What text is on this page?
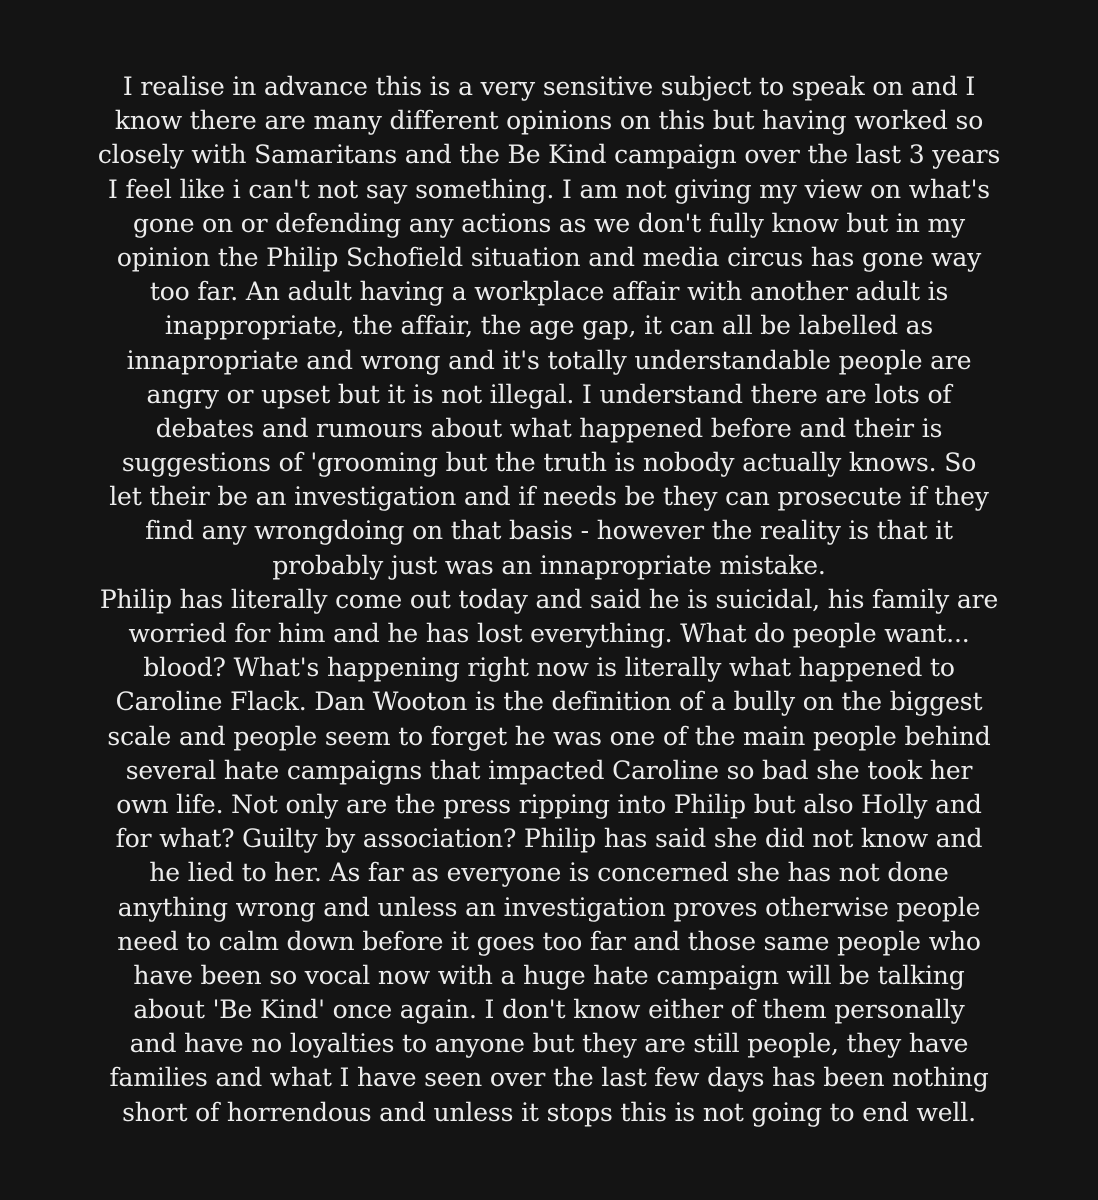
I realise in advance this is a very sensitive subject to speak on and I
know there are many different opinions on this but having worked so
closely with Samaritans and the Be Kind campaign over the last 3 years
I feel like i can't not say something. I am not giving my view on what's
gone on or defending any actions as we don't fully know but in my
opinion the Philip Schofield situation and media circus has gone way
too far. An adult having a workplace affair with another adult is
inappropriate, the affair, the age gap, it can all be labelled as
innapropriate and wrong and it's totally understandable people are
angry or upset but it is not illegal. I understand there are lots of
debates and rumours about what happened before and their is
suggestions of 'grooming but the truth is nobody actually knows. So
let their be an investigation and if needs be they can prosecute if they
find any wrongdoing on that basis - however the reality is that it
probably just was an innapropriate mistake.
Philip has literally come out today and said he is suicidal, his family are
worried for him and he has lost everything. What do people want...
blood? What's happening right now is literally what happened to
Caroline Flack. Dan Wooton is the definition of a bully on the biggest
scale and people seem to forget he was one of the main people behind
several hate campaigns that impacted Caroline so bad she took her
own life. Not only are the press ripping into Philip but also Holly and
for what? Guilty by association? Philip has said she did not know and
he lied to her. As far as everyone is concerned she has not done
anything wrong and unless an investigation proves otherwise people
need to calm down before it goes too far and those same people who
have been so vocal now with a huge hate campaign will be talking
about 'Be Kind' once again. I don't know either of them personally
and have no loyalties to anyone but they are still people, they have
families and what I have seen over the last few days has been nothing
short of horrendous and unless it stops this is not going to end well.
